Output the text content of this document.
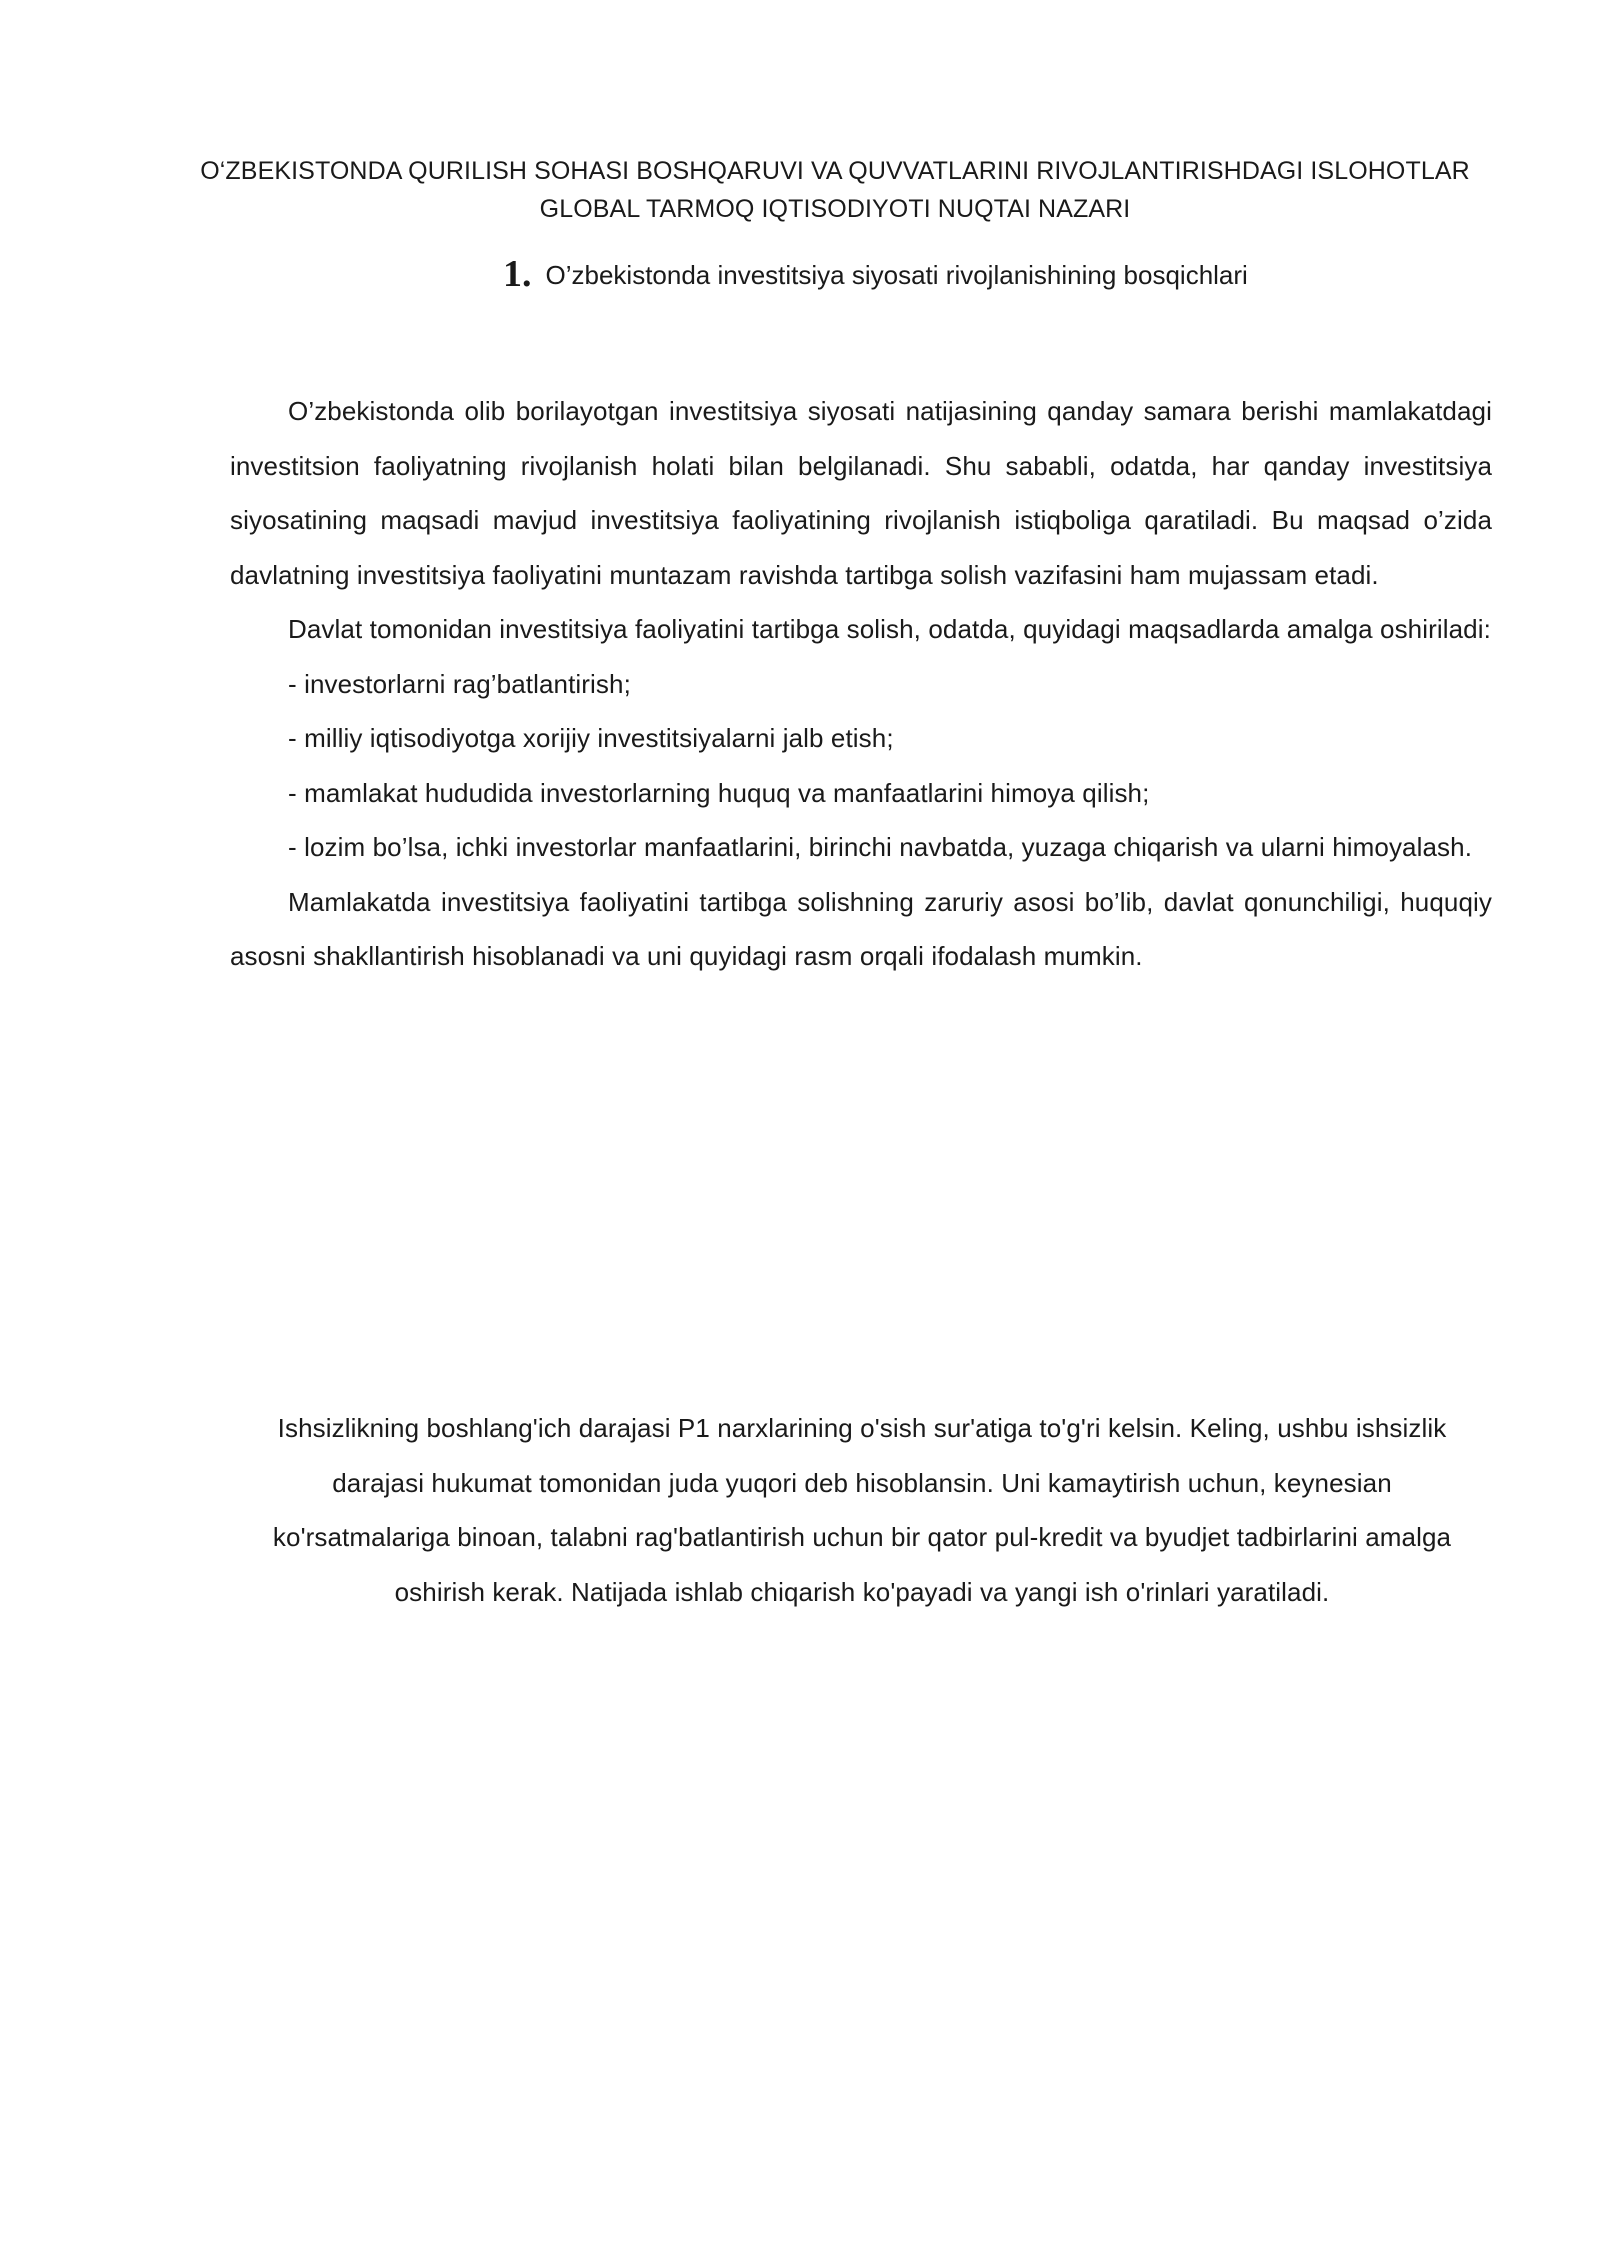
O‘ZBEKISTONDA QURILISH SOHASI BOSHQARUVI VA QUVVATLARINI RIVOJLANTIRISHDAGI ISLOHOTLAR
GLOBAL TARMOQ IQTISODIYOTI NUQTAI NAZARI
1. O’zbekistonda investitsiya siyosati rivojlanishining bosqichlari

O’zbekistonda olib borilayotgan investitsiya siyosati natijasining qanday samara berishi mamlakatdagi investitsion faoliyatning rivojlanish holati bilan belgilanadi. Shu sababli, odatda, har qanday investitsiya siyosatining maqsadi mavjud investitsiya faoliyatining rivojlanish istiqboliga qaratiladi. Bu maqsad o’zida davlatning investitsiya faoliyatini muntazam ravishda tartibga solish vazifasini ham mujassam etadi.

Davlat tomonidan investitsiya faoliyatini tartibga solish, odatda, quyidagi maqsadlarda amalga oshiriladi:

- investorlarni rag’batlantirish;

- milliy iqtisodiyotga xorijiy investitsiyalarni jalb etish;

- mamlakat hududida investorlarning huquq va manfaatlarini himoya qilish;

- lozim bo’lsa, ichki investorlar manfaatlarini, birinchi navbatda, yuzaga chiqarish va ularni himoyalash.

Mamlakatda investitsiya faoliyatini tartibga solishning zaruriy asosi bo’lib, davlat qonunchiligi, huquqiy asosni shakllantirish hisoblanadi va uni quyidagi rasm orqali ifodalash mumkin.

Ishsizlikning boshlang'ich darajasi P1 narxlarining o'sish sur'atiga to'g'ri kelsin. Keling, ushbu ishsizlik
darajasi hukumat tomonidan juda yuqori deb hisoblansin. Uni kamaytirish uchun, keynesian
ko'rsatmalariga binoan, talabni rag'batlantirish uchun bir qator pul-kredit va byudjet tadbirlarini amalga
oshirish kerak. Natijada ishlab chiqarish ko'payadi va yangi ish o'rinlari yaratiladi.
